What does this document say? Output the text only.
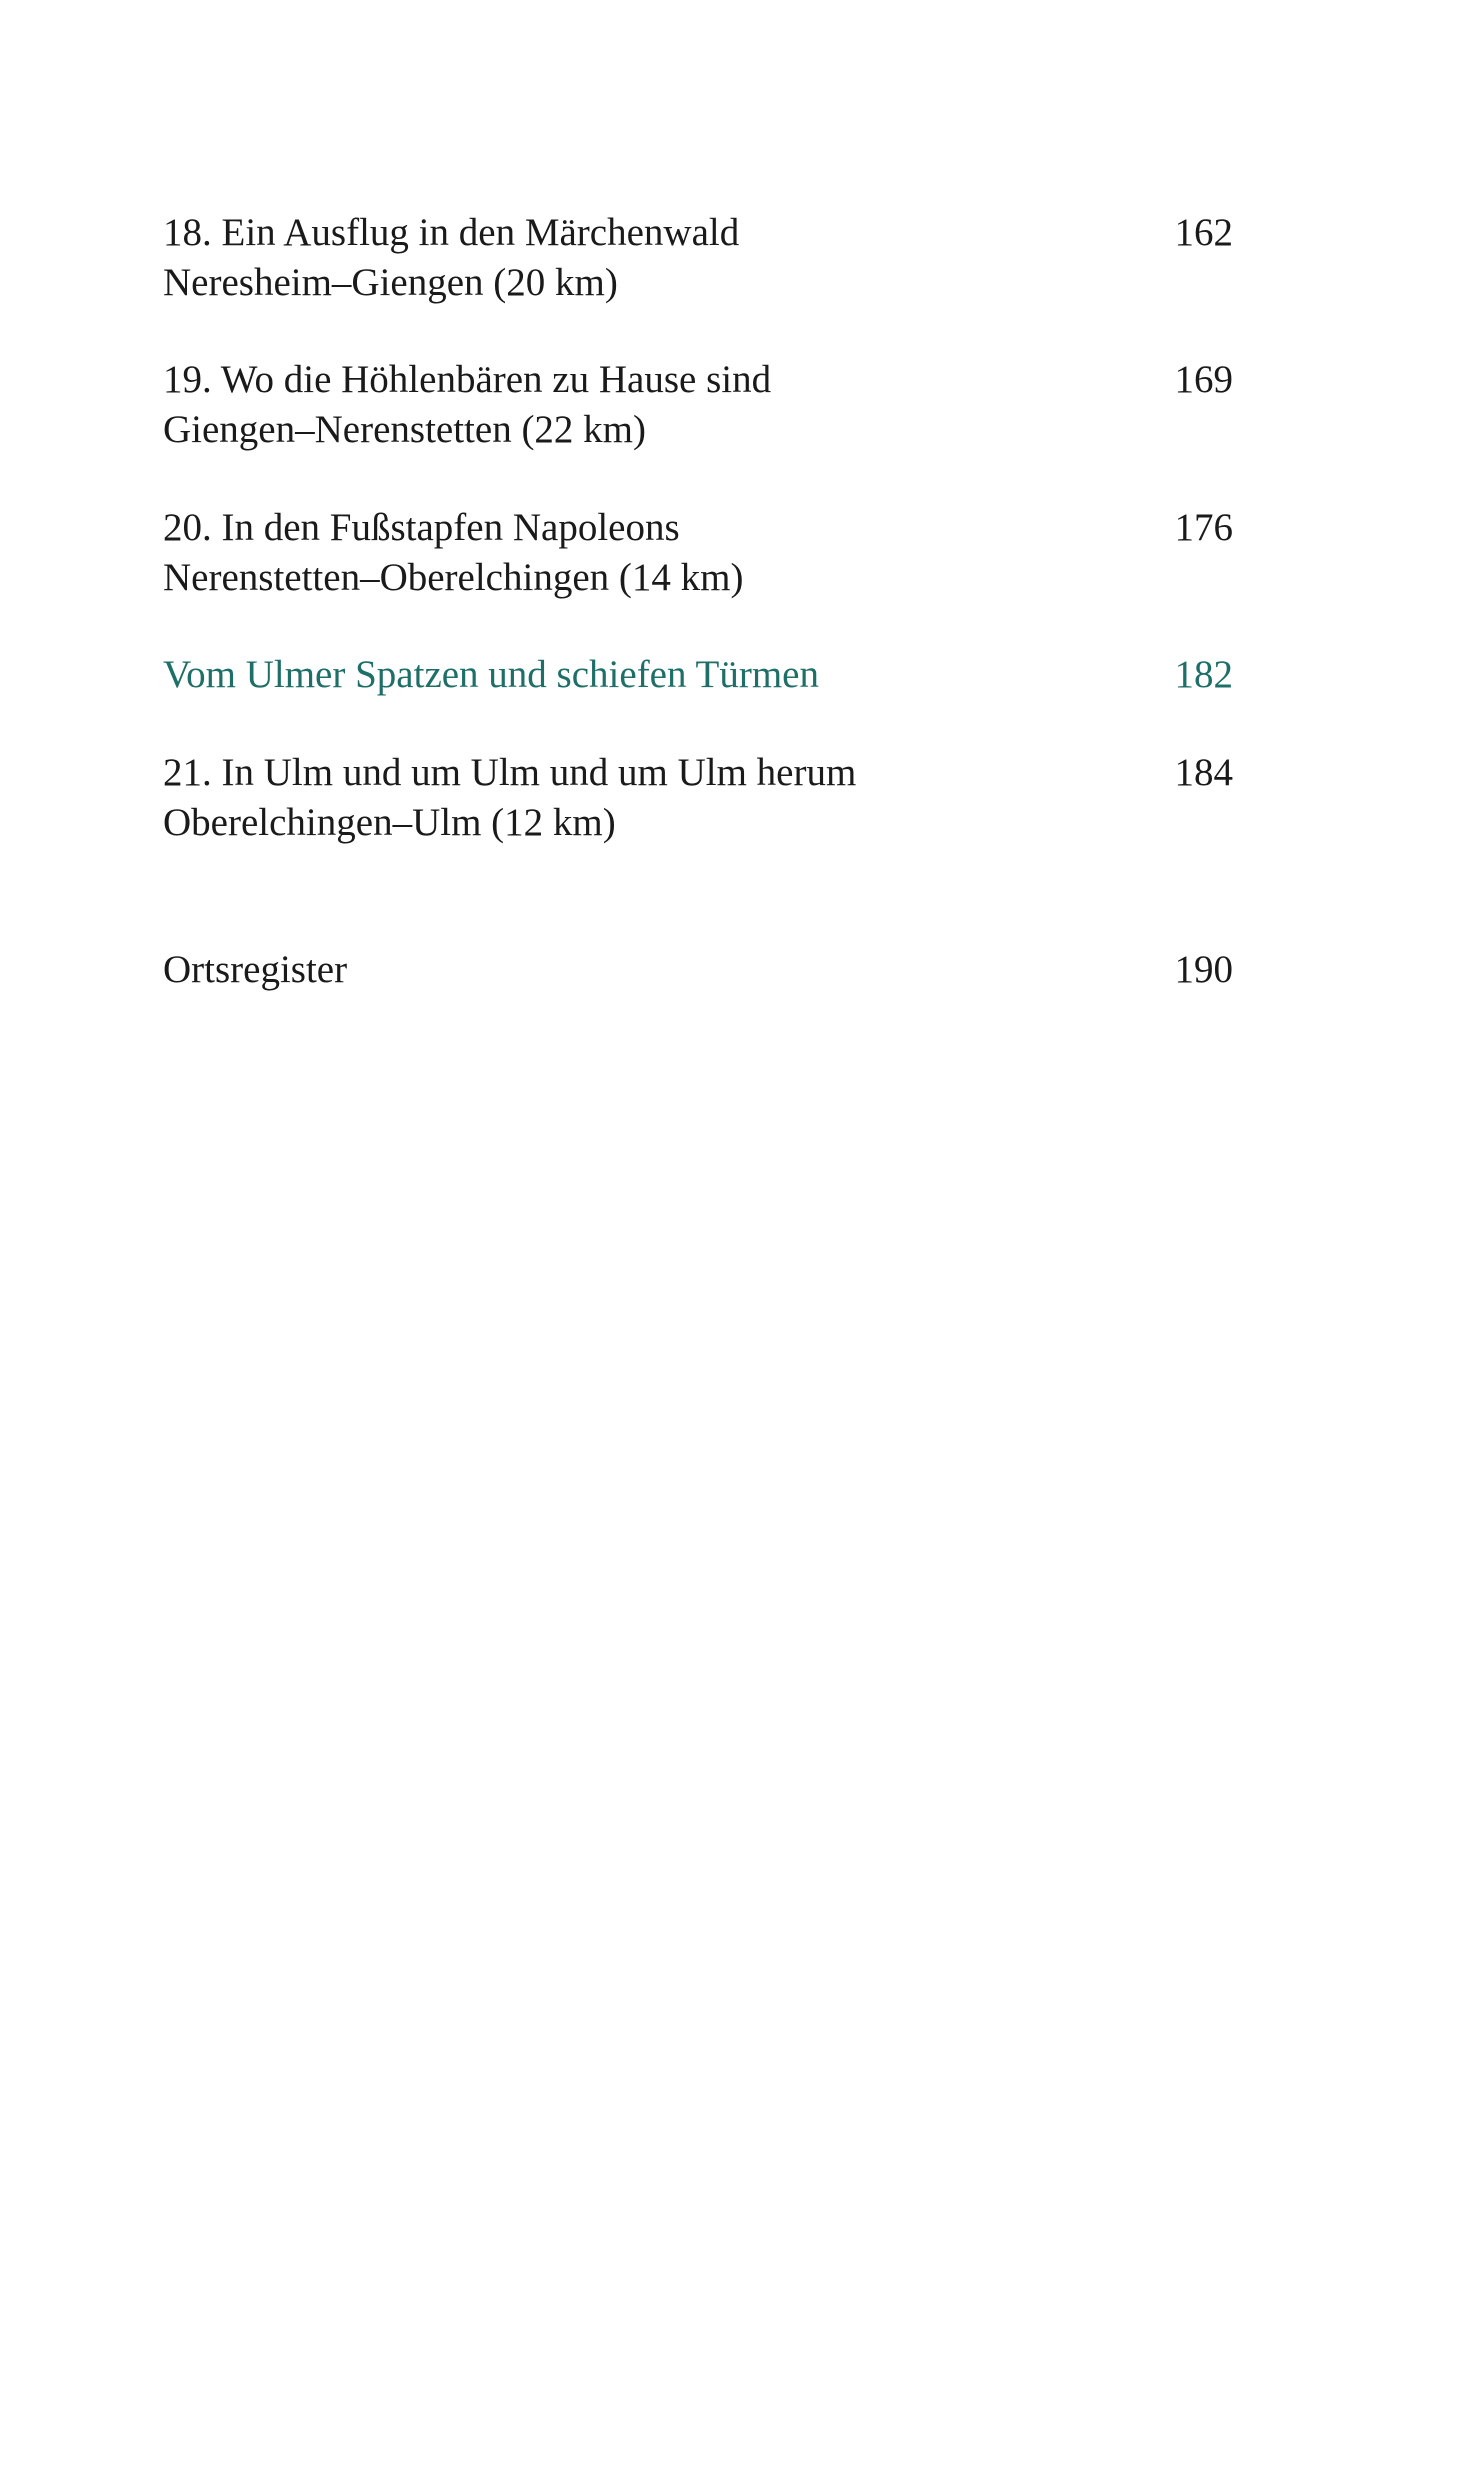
18. Ein Ausflug in den Märchenwald	162
Neresheim–Giengen (20 km)
19. Wo die Höhlenbären zu Hause sind	169
Giengen–Nerenstetten (22 km)
20. In den Fußstapfen Napoleons	176
Nerenstetten–Oberelchingen (14 km)
Vom Ulmer Spatzen und schiefen Türmen	182
21. In Ulm und um Ulm und um Ulm herum	184
Oberelchingen–Ulm (12 km)
Ortsregister	190
